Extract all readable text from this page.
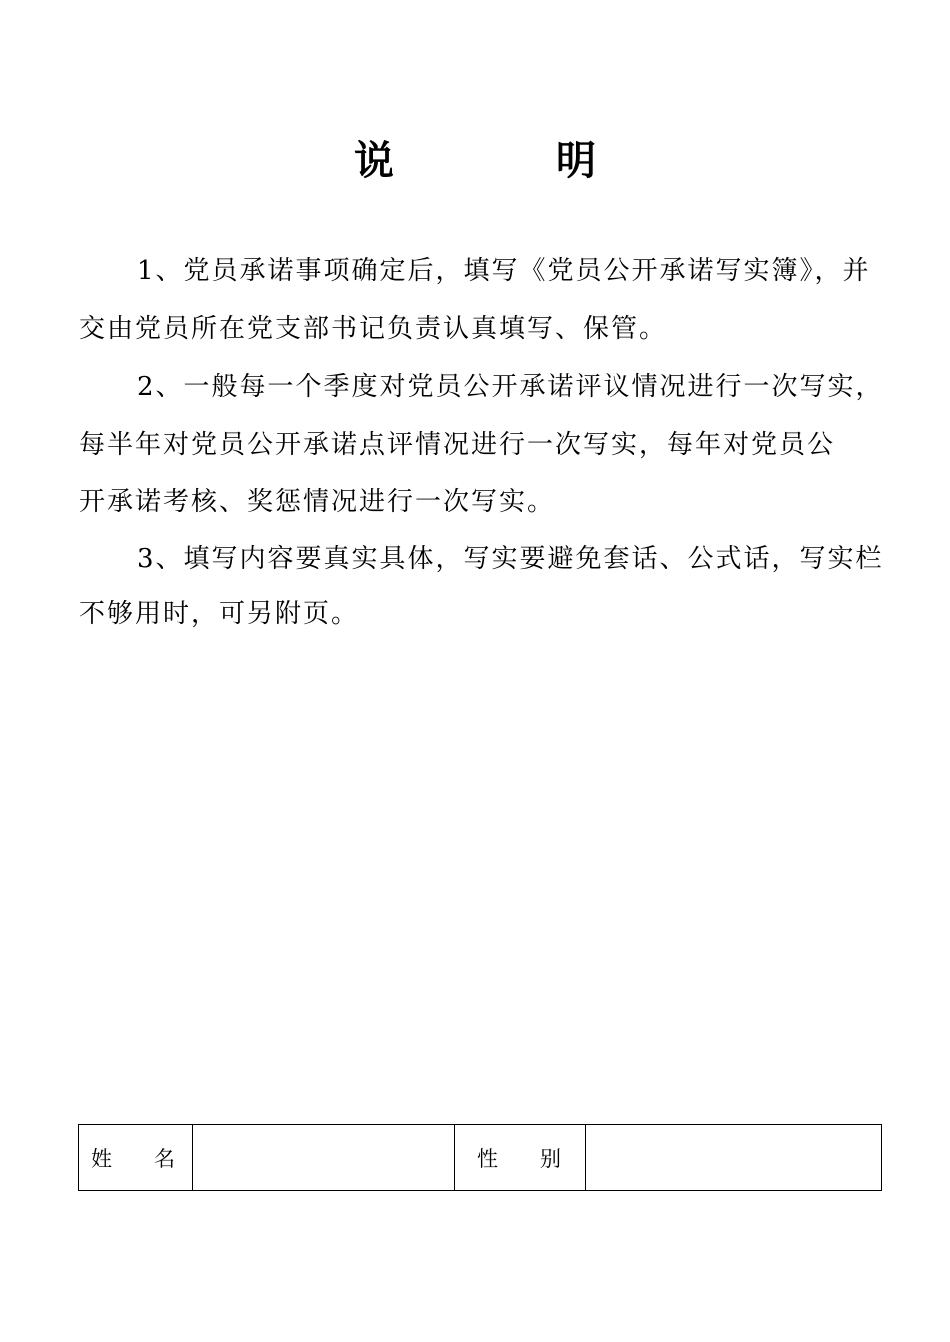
说	明
1、党员承诺事项确定后，填写《党员公开承诺写实簿》，并
交由党员所在党支部书记负责认真填写、保管。
2、一般每一个季度对党员公开承诺评议情况进行一次写实，
每半年对党员公开承诺点评情况进行一次写实，每年对党员公
开承诺考核、奖惩情况进行一次写实。
3、填写内容要真实具体，写实要避免套话、公式话，写实栏
不够用时，可另附页。
姓　　名		性　　别	
